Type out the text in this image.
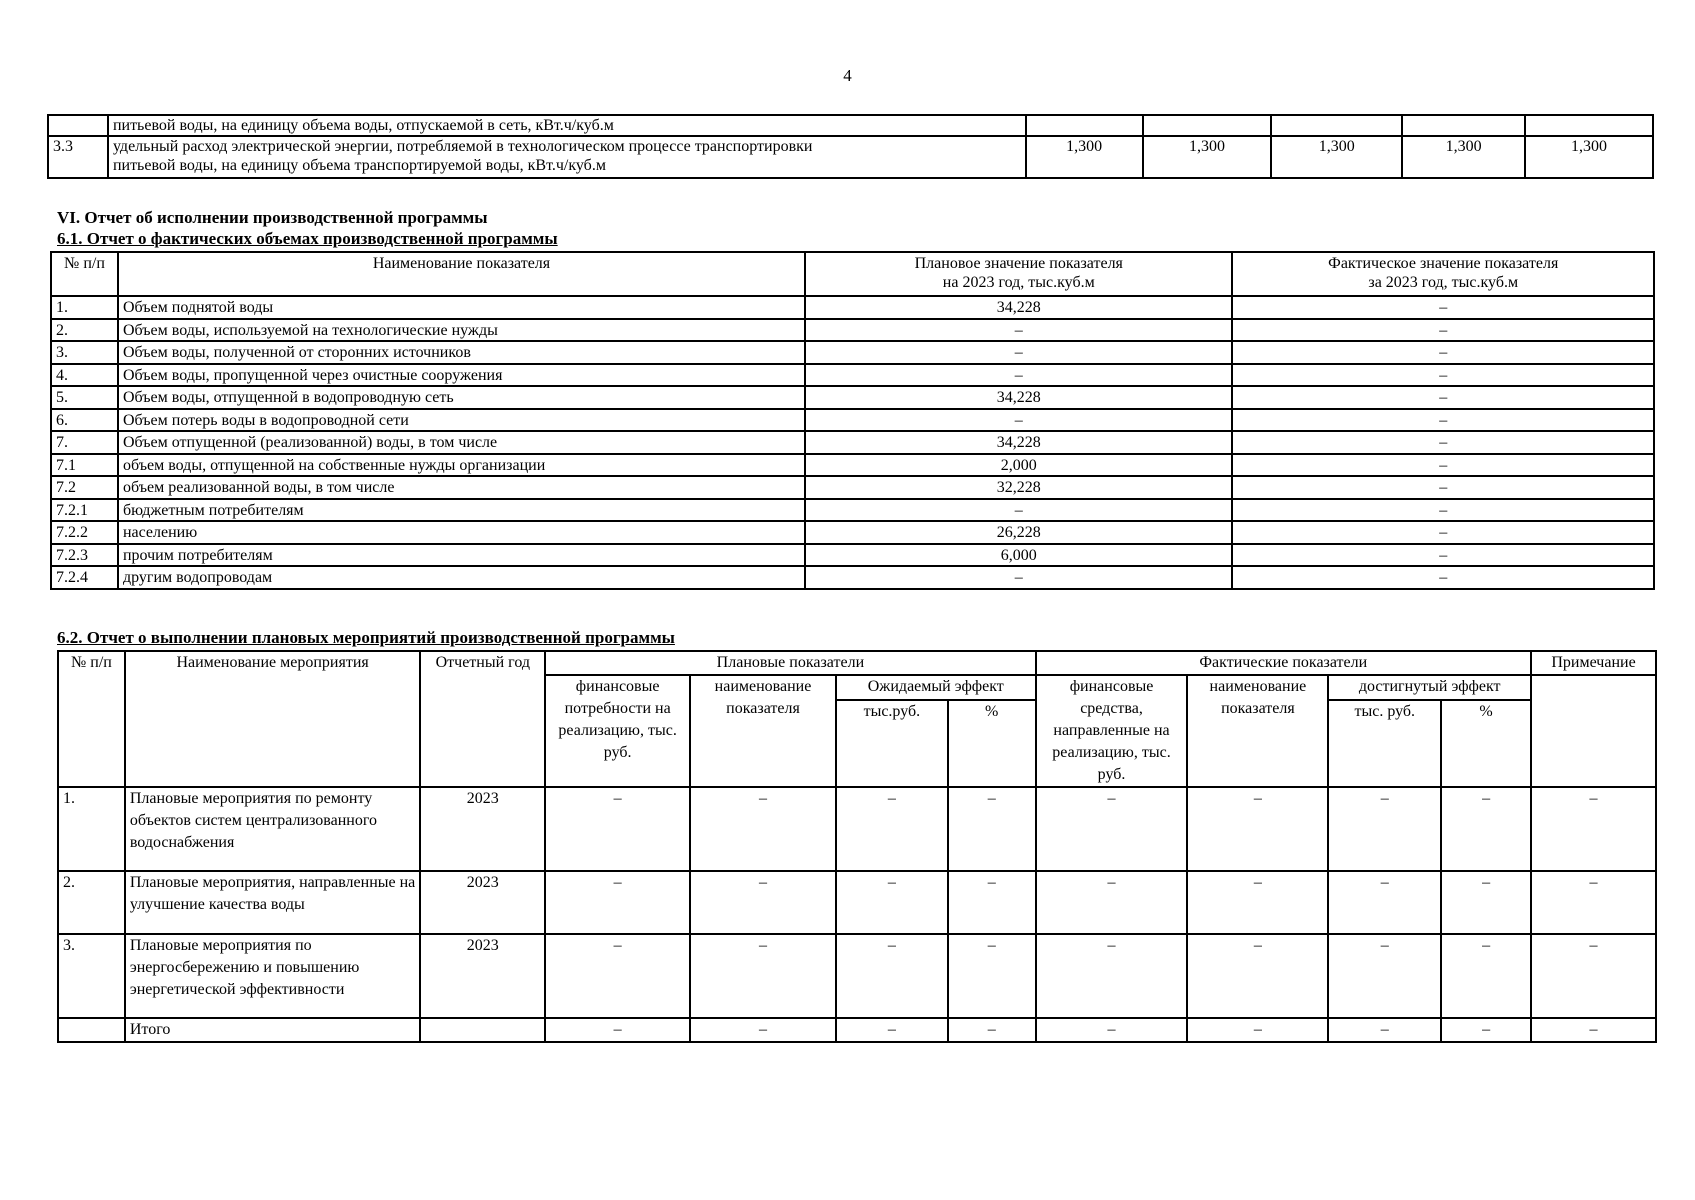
4
	питьевой воды, на единицу объема воды, отпускаемой в сеть, кВт.ч/куб.м					
3.3	удельный расход электрической энергии, потребляемой в технологическом процессе транспортировки
питьевой воды, на единицу объема транспортируемой воды, кВт.ч/куб.м	1,300	1,300	1,300	1,300	1,300
VI. Отчет об исполнении производственной программы
6.1. Отчет о фактических объемах производственной программы
№ п/п	Наименование показателя	Плановое значение показателя
на 2023 год, тыс.куб.м	Фактическое значение показателя
за 2023 год, тыс.куб.м
1.	Объем поднятой воды	34,228	–
2.	Объем воды, используемой на технологические нужды	–	–
3.	Объем воды, полученной от сторонних источников	–	–
4.	Объем воды, пропущенной через очистные сооружения	–	–
5.	Объем воды, отпущенной в водопроводную сеть	34,228	–
6.	Объем потерь воды в водопроводной сети	–	–
7.	Объем отпущенной (реализованной) воды, в том числе	34,228	–
7.1	объем воды, отпущенной на собственные нужды организации	2,000	–
7.2	объем реализованной воды, в том числе	32,228	–
7.2.1	бюджетным потребителям	–	–
7.2.2	населению	26,228	–
7.2.3	прочим потребителям	6,000	–
7.2.4	другим водопроводам	–	–
6.2. Отчет о выполнении плановых мероприятий производственной программы
№ п/п	Наименование мероприятия	Отчетный год	Плановые показатели				Фактические показатели				Примечание
			финансовые потребности на реализацию, тыс. руб.	наименование показателя	Ожидаемый эффект		финансовые средства, направленные на реализацию, тыс. руб.	наименование показателя	достигнутый эффект		
					тыс.руб.	%			тыс. руб.	%	
1.	Плановые мероприятия по ремонту объектов систем централизованного водоснабжения	2023	–	–	–	–	–	–	–	–	–
2.	Плановые мероприятия, направленные на улучшение качества воды	2023	–	–	–	–	–	–	–	–	–
3.	Плановые мероприятия по энергосбережению и повышению энергетической эффективности	2023	–	–	–	–	–	–	–	–	–
	Итого		–	–	–	–	–	–	–	–	–
